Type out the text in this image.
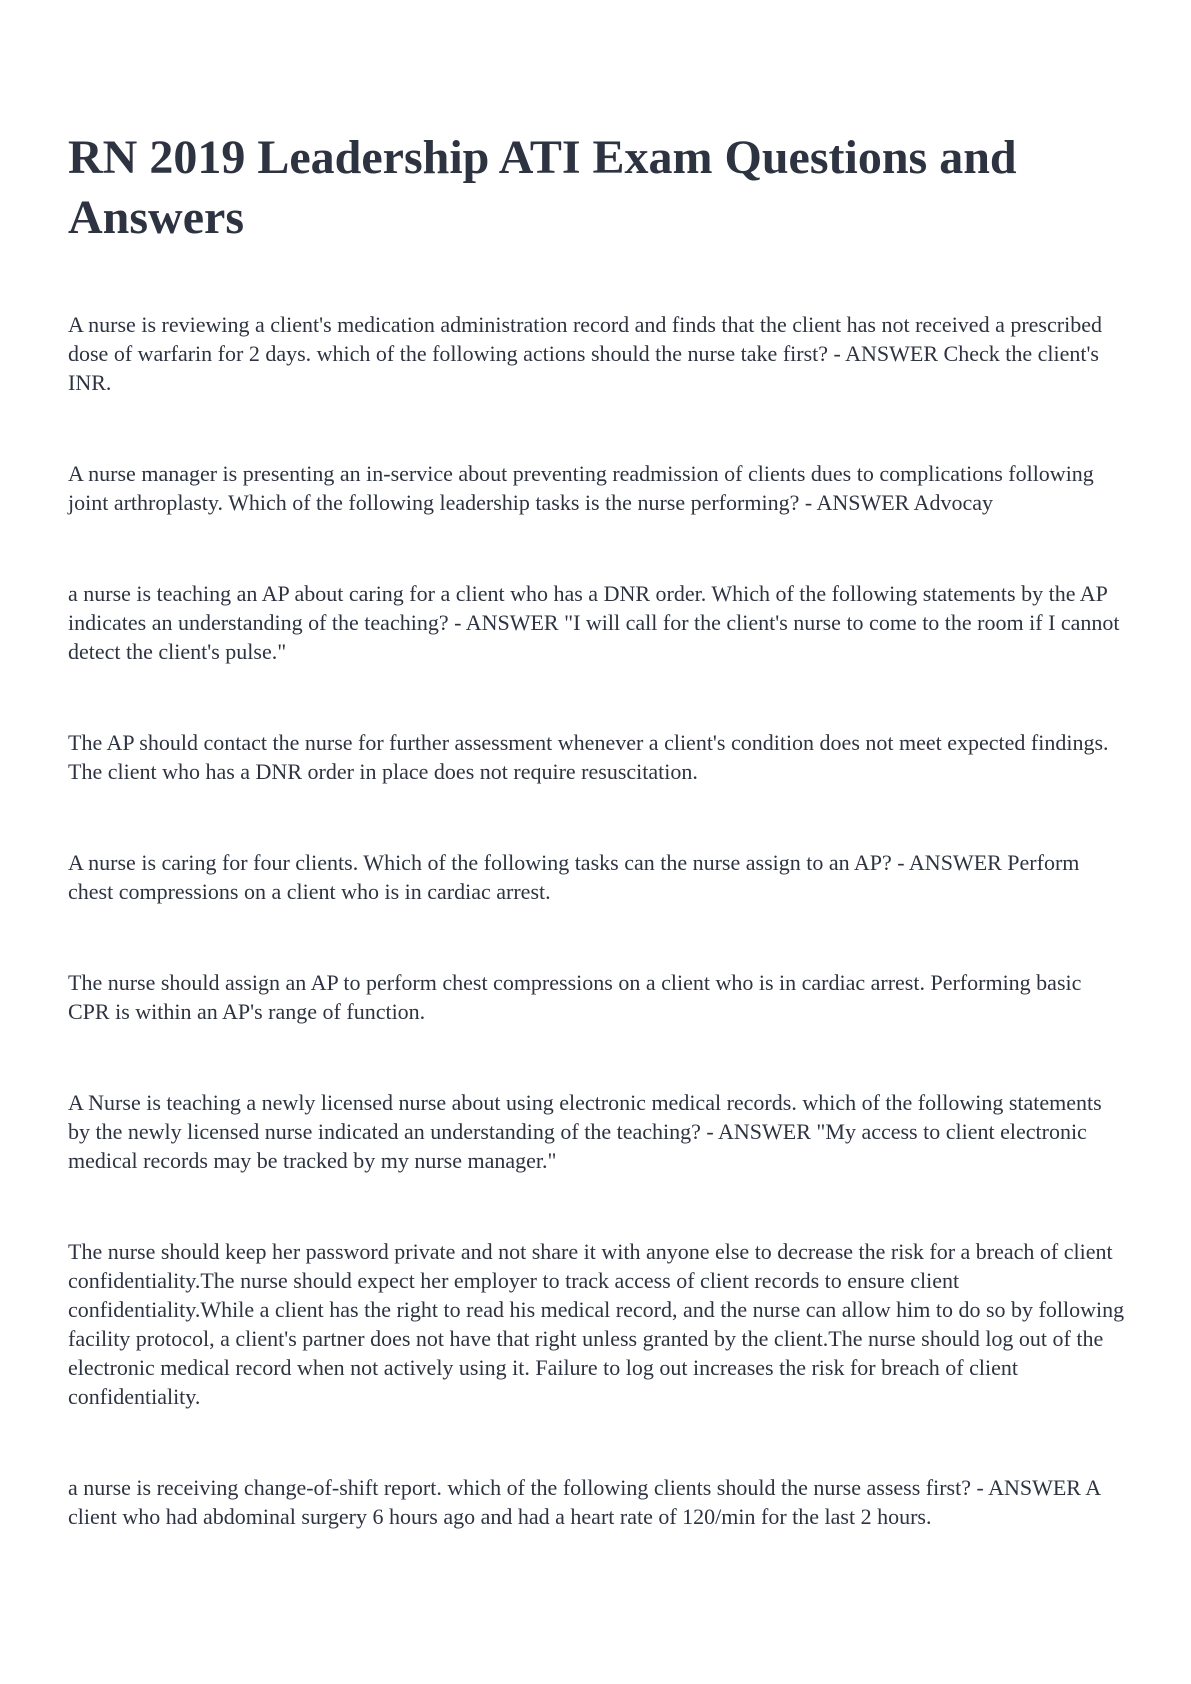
RN 2019 Leadership ATI Exam Questions and Answers

A nurse is reviewing a client's medication administration record and finds that the client has not received a prescribed dose of warfarin for 2 days. which of the following actions should the nurse take first? - ANSWER Check the client's INR.

A nurse manager is presenting an in-service about preventing readmission of clients dues to complications following joint arthroplasty. Which of the following leadership tasks is the nurse performing? - ANSWER Advocay

a nurse is teaching an AP about caring for a client who has a DNR order. Which of the following statements by the AP indicates an understanding of the teaching? - ANSWER "I will call for the client's nurse to come to the room if I cannot detect the client's pulse."

The AP should contact the nurse for further assessment whenever a client's condition does not meet expected findings. The client who has a DNR order in place does not require resuscitation.

A nurse is caring for four clients. Which of the following tasks can the nurse assign to an AP? - ANSWER Perform chest compressions on a client who is in cardiac arrest.

The nurse should assign an AP to perform chest compressions on a client who is in cardiac arrest. Performing basic CPR is within an AP's range of function.

A Nurse is teaching a newly licensed nurse about using electronic medical records. which of the following statements by the newly licensed nurse indicated an understanding of the teaching? - ANSWER "My access to client electronic medical records may be tracked by my nurse manager."

The nurse should keep her password private and not share it with anyone else to decrease the risk for a breach of client confidentiality.The nurse should expect her employer to track access of client records to ensure client confidentiality.While a client has the right to read his medical record, and the nurse can allow him to do so by following facility protocol, a client's partner does not have that right unless granted by the client.The nurse should log out of the electronic medical record when not actively using it. Failure to log out increases the risk for breach of client confidentiality.

a nurse is receiving change-of-shift report. which of the following clients should the nurse assess first? - ANSWER A client who had abdominal surgery 6 hours ago and had a heart rate of 120/min for the last 2 hours.
